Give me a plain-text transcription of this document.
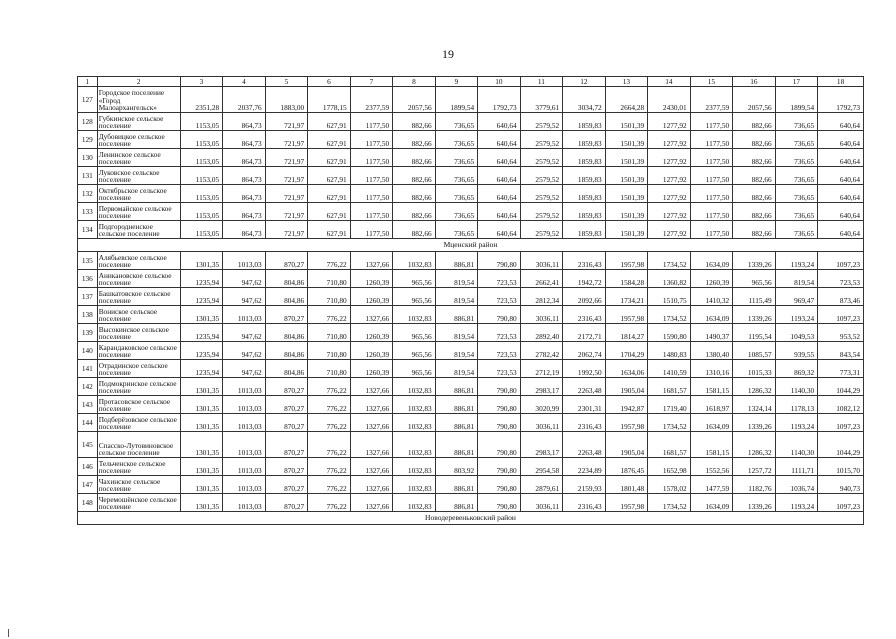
19
1	2	3	4	5	6	7	8	9	10	11	12	13	14	15	16	17	18
127	Городское поселение «Город Малоархангельск»	2351,28	2037,76	1883,00	1778,15	2377,59	2057,56	1899,54	1792,73	3779,61	3034,72	2664,28	2430,01	2377,59	2057,56	1899,54	1792,73
128	Губкинское сельское поселение	1153,05	864,73	721,97	627,91	1177,50	882,66	736,65	640,64	2579,52	1859,83	1501,39	1277,92	1177,50	882,66	736,65	640,64
129	Дубовицкое сельское поселение	1153,05	864,73	721,97	627,91	1177,50	882,66	736,65	640,64	2579,52	1859,83	1501,39	1277,92	1177,50	882,66	736,65	640,64
130	Ленинское сельское поселение	1153,05	864,73	721,97	627,91	1177,50	882,66	736,65	640,64	2579,52	1859,83	1501,39	1277,92	1177,50	882,66	736,65	640,64
131	Луковское сельское поселение	1153,05	864,73	721,97	627,91	1177,50	882,66	736,65	640,64	2579,52	1859,83	1501,39	1277,92	1177,50	882,66	736,65	640,64
132	Октябрьское сельское поселение	1153,05	864,73	721,97	627,91	1177,50	882,66	736,65	640,64	2579,52	1859,83	1501,39	1277,92	1177,50	882,66	736,65	640,64
133	Первомайское сельское поселение	1153,05	864,73	721,97	627,91	1177,50	882,66	736,65	640,64	2579,52	1859,83	1501,39	1277,92	1177,50	882,66	736,65	640,64
134	Подгородненское сельское поселение	1153,05	864,73	721,97	627,91	1177,50	882,66	736,65	640,64	2579,52	1859,83	1501,39	1277,92	1177,50	882,66	736,65	640,64
Мценский район																	
135	Алябьевское сельское поселение	1301,35	1013,03	870,27	776,22	1327,66	1032,83	886,81	790,80	3036,11	2316,43	1957,98	1734,52	1634,09	1339,26	1193,24	1097,23
136	Аникановское сельское поселение	1235,94	947,62	804,86	710,80	1260,39	965,56	819,54	723,53	2662,41	1942,72	1584,28	1360,82	1260,39	965,56	819,54	723,53
137	Башкатовское сельское поселение	1235,94	947,62	804,86	710,80	1260,39	965,56	819,54	723,53	2812,34	2092,66	1734,21	1510,75	1410,32	1115,49	969,47	873,46
138	Вониское сельское поселение	1301,35	1013,03	870,27	776,22	1327,66	1032,83	886,81	790,80	3036,11	2316,43	1957,98	1734,52	1634,09	1339,26	1193,24	1097,23
139	Высокинское сельское поселение	1235,94	947,62	804,86	710,80	1260,39	965,56	819,54	723,53	2892,40	2172,71	1814,27	1590,80	1490,37	1195,54	1049,53	953,52
140	Карандаковское сельское поселение	1235,94	947,62	804,86	710,80	1260,39	965,56	819,54	723,53	2782,42	2062,74	1704,29	1480,83	1380,40	1085,57	939,55	843,54
141	Отрадинское сельское поселение	1235,94	947,62	804,86	710,80	1260,39	965,56	819,54	723,53	2712,19	1992,50	1634,06	1410,59	1310,16	1015,33	869,32	773,31
142	Подмокринское сельское поселение	1301,35	1013,03	870,27	776,22	1327,66	1032,83	886,81	790,80	2983,17	2263,48	1905,04	1681,57	1581,15	1286,32	1140,30	1044,29
143	Протасовское сельское поселение	1301,35	1013,03	870,27	776,22	1327,66	1032,83	886,81	790,80	3020,99	2301,31	1942,87	1719,40	1618,97	1324,14	1178,13	1082,12
144	Подберёзовское сельское поселение	1301,35	1013,03	870,27	776,22	1327,66	1032,83	886,81	790,80	3036,11	2316,43	1957,98	1734,52	1634,09	1339,26	1193,24	1097,23
145	Спасско-Лутовиновское сельское поселение	1301,35	1013,03	870,27	776,22	1327,66	1032,83	886,81	790,80	2983,17	2263,48	1905,04	1681,57	1581,15	1286,32	1140,30	1044,29
146	Тельченское сельское поселение	1301,35	1013,03	870,27	776,22	1327,66	1032,83	803,92	790,80	2954,58	2234,89	1876,45	1652,98	1552,56	1257,72	1111,71	1015,70
147	Чахинское сельское поселение	1301,35	1013,03	870,27	776,22	1327,66	1032,83	886,81	790,80	2879,61	2159,93	1801,48	1578,02	1477,59	1182,76	1036,74	940,73
148	Черемошёнское сельское поселение	1301,35	1013,03	870,27	776,22	1327,66	1032,83	886,81	790,80	3036,11	2316,43	1957,98	1734,52	1634,09	1339,26	1193,24	1097,23
Новодеревеньковский район																	
